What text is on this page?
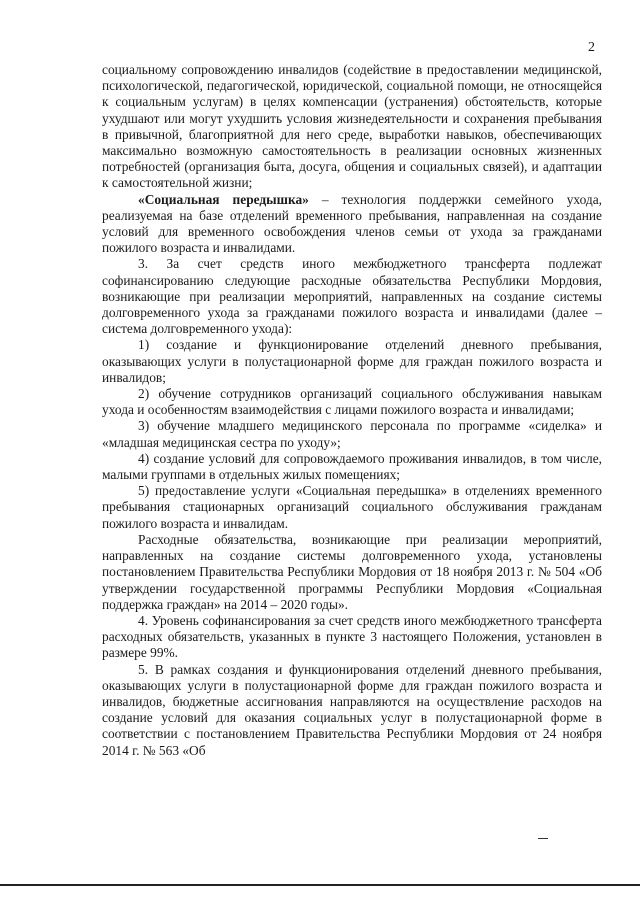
2

социальному сопровождению инвалидов (содействие в предоставлении медицинской, психологической, педагогической, юридической, социальной помощи, не относящейся к социальным услугам) в целях компенсации (устранения) обстоятельств, которые ухудшают или могут ухудшить условия жизнедеятельности и сохранения пребывания в привычной, благоприятной для него среде, выработки навыков, обеспечивающих максимально возможную самостоятельность в реализации основных жизненных потребностей (организация быта, досуга, общения и социальных связей), и адаптации к самостоятельной жизни;

«Социальная передышка» – технология поддержки семейного ухода, реализуемая на базе отделений временного пребывания, направленная на создание условий для временного освобождения членов семьи от ухода за гражданами пожилого возраста и инвалидами.

3. За счет средств иного межбюджетного трансферта подлежат софинансированию следующие расходные обязательства Республики Мордовия, возникающие при реализации мероприятий, направленных на создание системы долговременного ухода за гражданами пожилого возраста и инвалидами (далее – система долговременного ухода):

1) создание и функционирование отделений дневного пребывания, оказывающих услуги в полустационарной форме для граждан пожилого возраста и инвалидов;

2) обучение сотрудников организаций социального обслуживания навыкам ухода и особенностям взаимодействия с лицами пожилого возраста и инвалидами;

3) обучение младшего медицинского персонала по программе «сиделка» и «младшая медицинская сестра по уходу»;

4) создание условий для сопровождаемого проживания инвалидов, в том числе, малыми группами в отдельных жилых помещениях;

5) предоставление услуги «Социальная передышка» в отделениях временного пребывания стационарных организаций социального обслуживания гражданам пожилого возраста и инвалидам.

Расходные обязательства, возникающие при реализации мероприятий, направленных на создание системы долговременного ухода, установлены постановлением Правительства Республики Мордовия от 18 ноября 2013 г. № 504 «Об утверждении государственной программы Республики Мордовия «Социальная поддержка граждан» на 2014 – 2020 годы».

4. Уровень софинансирования за счет средств иного межбюджетного трансферта расходных обязательств, указанных в пункте 3 настоящего Положения, установлен в размере 99%.

5. В рамках создания и функционирования отделений дневного пребывания, оказывающих услуги в полустационарной форме для граждан пожилого возраста и инвалидов, бюджетные ассигнования направляются на осуществление расходов на создание условий для оказания социальных услуг в полустационарной форме в соответствии с постановлением Правительства Республики Мордовия от 24 ноября 2014 г. № 563 «Об
